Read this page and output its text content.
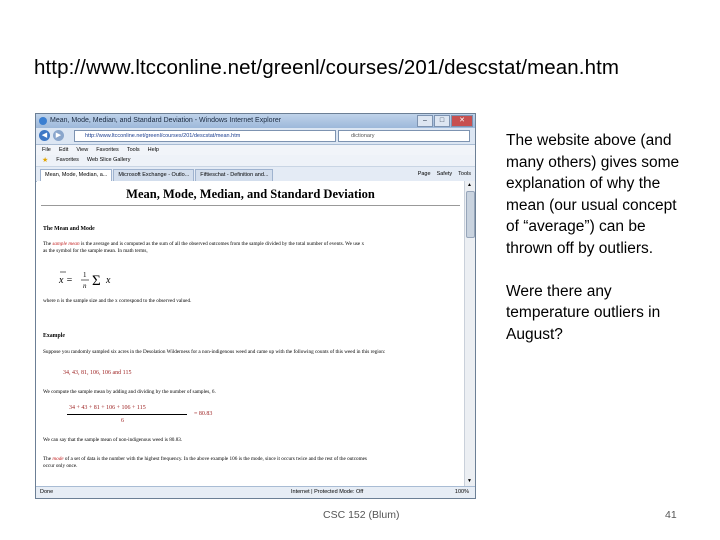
http://www.ltcconline.net/greenl/courses/201/descstat/mean.htm
Mean, Mode, Median, and Standard Deviation - Windows Internet Explorer	–	□	✕
◀	▶	http://www.ltcconline.net/greenl/courses/201/descstat/mean.htm	dictionary
File Edit View Favorites Tools Help
★ Favorites Web Slice Gallery
Mean, Mode, Median, a...	Microsoft Exchange - Outlo...	Fiftieschat - Definition and...	Page Safety Tools
Mean, Mode, Median, and Standard Deviation
The Mean and Mode
The sample mean is the average and is computed as the sum of all the observed outcomes from the sample divided by the total number of events. We use x
as the symbol for the sample mean. In math terms,
x = 1
n Σ x
where n is the sample size and the x correspond to the observed valued.
Example
Suppose you randomly sampled six acres in the Desolation Wilderness for a non-indigenous weed and came up with the following counts of this weed in this region:
34, 43, 81, 106, 106 and 115
We compute the sample mean by adding and dividing by the number of samples, 6.
34 + 43 + 81 + 106 + 106 + 115
6
= 80.83
We can say that the sample mean of non-indigenous weed is 80.83.
The mode of a set of data is the number with the highest frequency. In the above example 106 is the mode, since it occurs twice and the rest of the outcomes
occur only once.
▲
▼
Done	Internet | Protected Mode: Off	100%

The website above (and many others) gives some explanation of why the mean (our usual concept of “average”) can be thrown off by outliers.

Were there any temperature outliers in August?

CSC 152 (Blum)	41
